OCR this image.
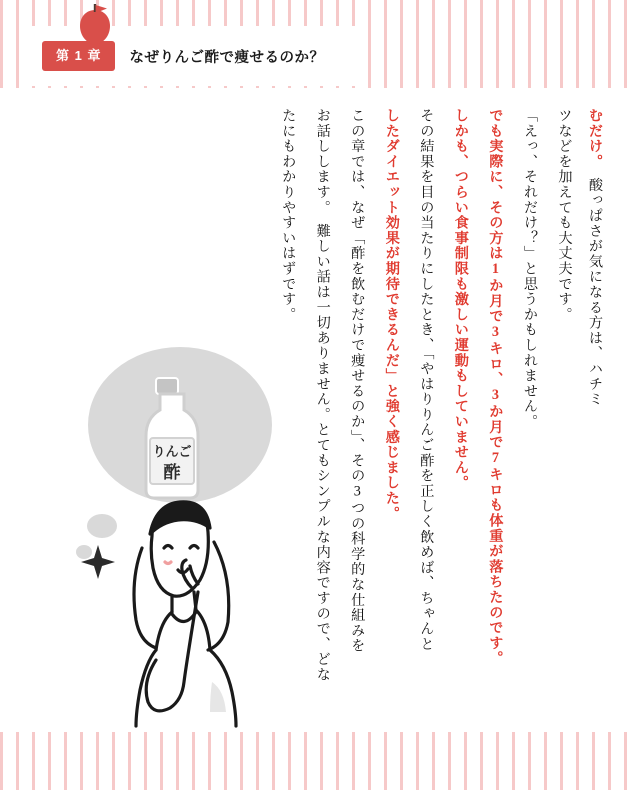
第 1 章	なぜりんご酢で痩せるのか？
たにもわかりやすいはずです。	お話しします。　難しい話は一切ありません。とてもシンプルな内容ですので、どな	この章では、なぜ「酢を飲むだけで痩せるのか」、その3つの科学的な仕組みを	したダイエット効果が期待できるんだ」と強く感じました。	その結果を目の当たりにしたとき、「やはりりんご酢を正しく飲めば、ちゃんと	しかも、つらい食事制限も激しい運動もしていません。	でも実際に、その方は1か月で3キロ、3か月で7キロも体重が落ちたのです。	「えっ、それだけ？」と思うかもしれません。	むだけ。　酸っぱさが気になる方は、ハチミツなどを加えても大丈夫です。
りんご
酢
